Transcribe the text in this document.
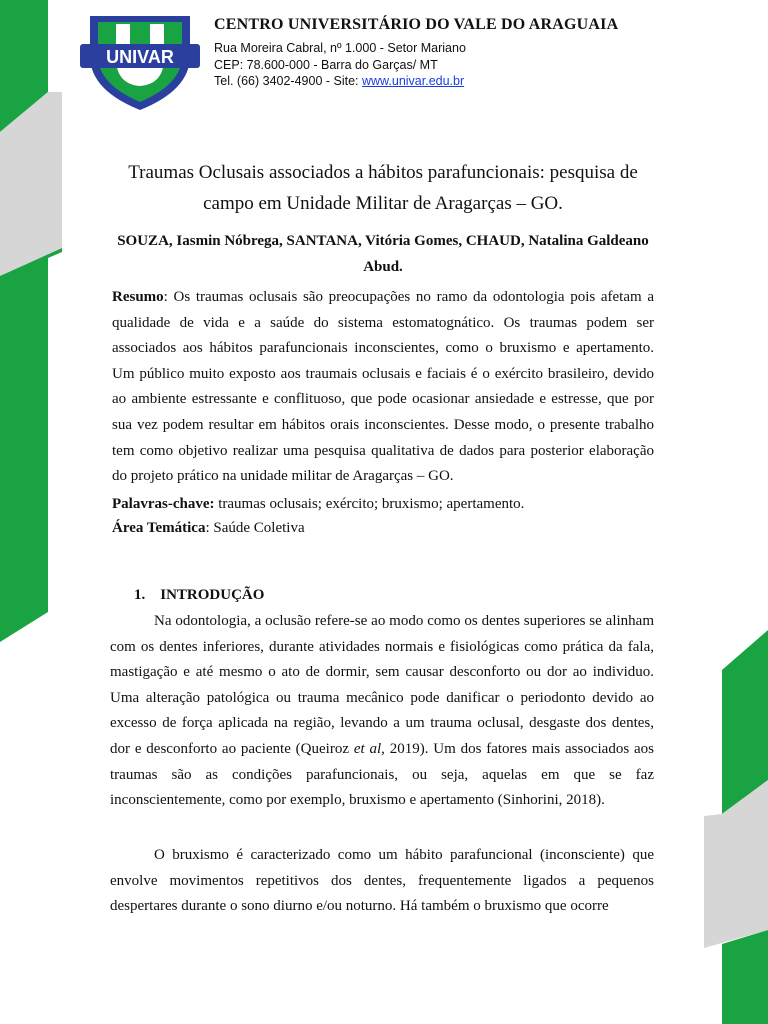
UNIVAR
CENTRO UNIVERSITÁRIO DO VALE DO ARAGUAIA
Rua Moreira Cabral, nº 1.000 - Setor Mariano
CEP: 78.600-000 - Barra do Garças/ MT
Tel. (66) 3402-4900 - Site: www.univar.edu.br
Traumas Oclusais associados a hábitos parafuncionais: pesquisa de campo em Unidade Militar de Aragarças – GO.
SOUZA, Iasmin Nóbrega, SANTANA, Vitória Gomes, CHAUD, Natalina Galdeano Abud.

Resumo: Os traumas oclusais são preocupações no ramo da odontologia pois afetam a qualidade de vida e a saúde do sistema estomatognático. Os traumas podem ser associados aos hábitos parafuncionais inconscientes, como o bruxismo e apertamento. Um público muito exposto aos traumais oclusais e faciais é o exército brasileiro, devido ao ambiente estressante e conflituoso, que pode ocasionar ansiedade e estresse, que por sua vez podem resultar em hábitos orais inconscientes. Desse modo, o presente trabalho tem como objetivo realizar uma pesquisa qualitativa de dados para posterior elaboração do projeto prático na unidade militar de Aragarças – GO.

Palavras-chave: traumas oclusais; exército; bruxismo; apertamento.

Área Temática: Saúde Coletiva

1. INTRODUÇÃO

Na odontologia, a oclusão refere-se ao modo como os dentes superiores se alinham com os dentes inferiores, durante atividades normais e fisiológicas como prática da fala, mastigação e até mesmo o ato de dormir, sem causar desconforto ou dor ao individuo. Uma alteração patológica ou trauma mecânico pode danificar o periodonto devido ao excesso de força aplicada na região, levando a um trauma oclusal, desgaste dos dentes, dor e desconforto ao paciente (Queiroz et al, 2019). Um dos fatores mais associados aos traumas são as condições parafuncionais, ou seja, aquelas em que se faz inconscientemente, como por exemplo, bruxismo e apertamento (Sinhorini, 2018).

O bruxismo é caracterizado como um hábito parafuncional (inconsciente) que envolve movimentos repetitivos dos dentes, frequentemente ligados a pequenos despertares durante o sono diurno e/ou noturno. Há também o bruxismo que ocorre
